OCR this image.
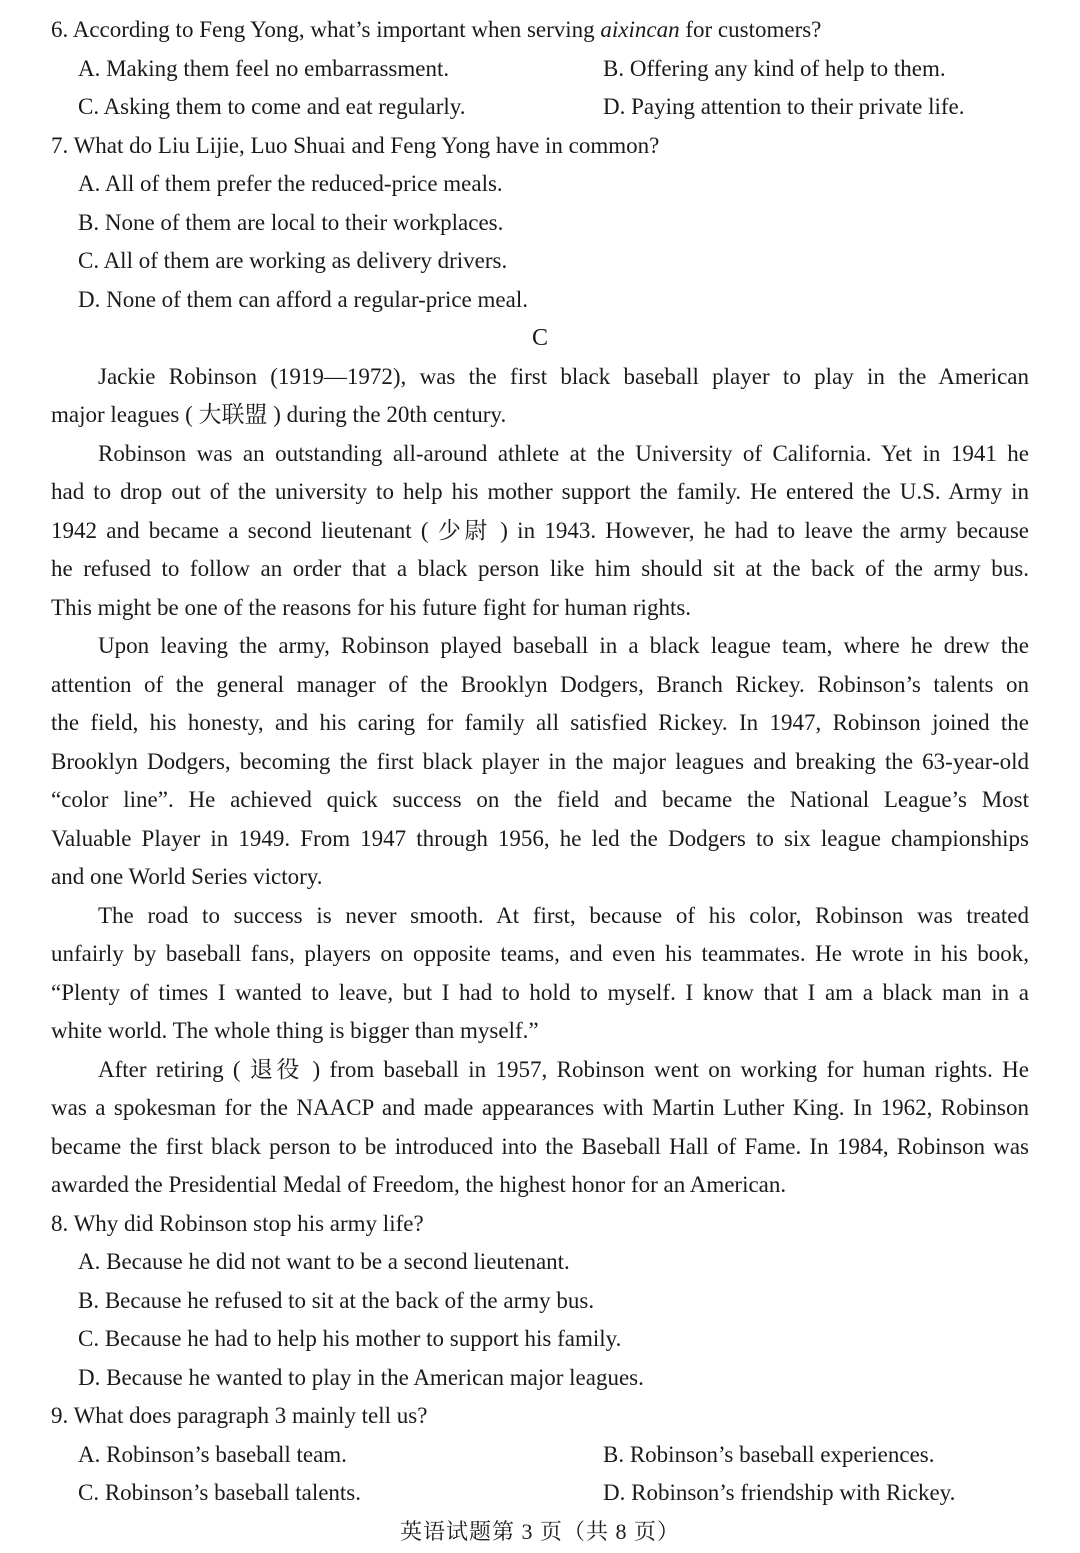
6. According to Feng Yong, what’s important when serving aixincan for customers?
A. Making them feel no embarrassment.	B. Offering any kind of help to them.
C. Asking them to come and eat regularly.	D. Paying attention to their private life.
7. What do Liu Lijie, Luo Shuai and Feng Yong have in common?
A. All of them prefer the reduced-price meals.
B. None of them are local to their workplaces.
C. All of them are working as delivery drivers.
D. None of them can afford a regular-price meal.
C
Jackie Robinson (1919—1972), was the first black baseball player to play in the American
major leagues ( 大联盟 ) during the 20th century.
Robinson was an outstanding all-around athlete at the University of California. Yet in 1941 he
had to drop out of the university to help his mother support the family. He entered the U.S. Army in
1942 and became a second lieutenant ( 少尉 ) in 1943. However, he had to leave the army because
he refused to follow an order that a black person like him should sit at the back of the army bus.
This might be one of the reasons for his future fight for human rights.
Upon leaving the army, Robinson played baseball in a black league team, where he drew the
attention of the general manager of the Brooklyn Dodgers, Branch Rickey. Robinson’s talents on
the field, his honesty, and his caring for family all satisfied Rickey. In 1947, Robinson joined the
Brooklyn Dodgers, becoming the first black player in the major leagues and breaking the 63-year-old
“color line”. He achieved quick success on the field and became the National League’s Most
Valuable Player in 1949. From 1947 through 1956, he led the Dodgers to six league championships
and one World Series victory.
The road to success is never smooth. At first, because of his color, Robinson was treated
unfairly by baseball fans, players on opposite teams, and even his teammates. He wrote in his book,
“Plenty of times I wanted to leave, but I had to hold to myself. I know that I am a black man in a
white world. The whole thing is bigger than myself.”
After retiring ( 退役 ) from baseball in 1957, Robinson went on working for human rights. He
was a spokesman for the NAACP and made appearances with Martin Luther King. In 1962, Robinson
became the first black person to be introduced into the Baseball Hall of Fame. In 1984, Robinson was
awarded the Presidential Medal of Freedom, the highest honor for an American.
8. Why did Robinson stop his army life?
A. Because he did not want to be a second lieutenant.
B. Because he refused to sit at the back of the army bus.
C. Because he had to help his mother to support his family.
D. Because he wanted to play in the American major leagues.
9. What does paragraph 3 mainly tell us?
A. Robinson’s baseball team.	B. Robinson’s baseball experiences.
C. Robinson’s baseball talents.	D. Robinson’s friendship with Rickey.
英语试题第 3 页（共 8 页）
